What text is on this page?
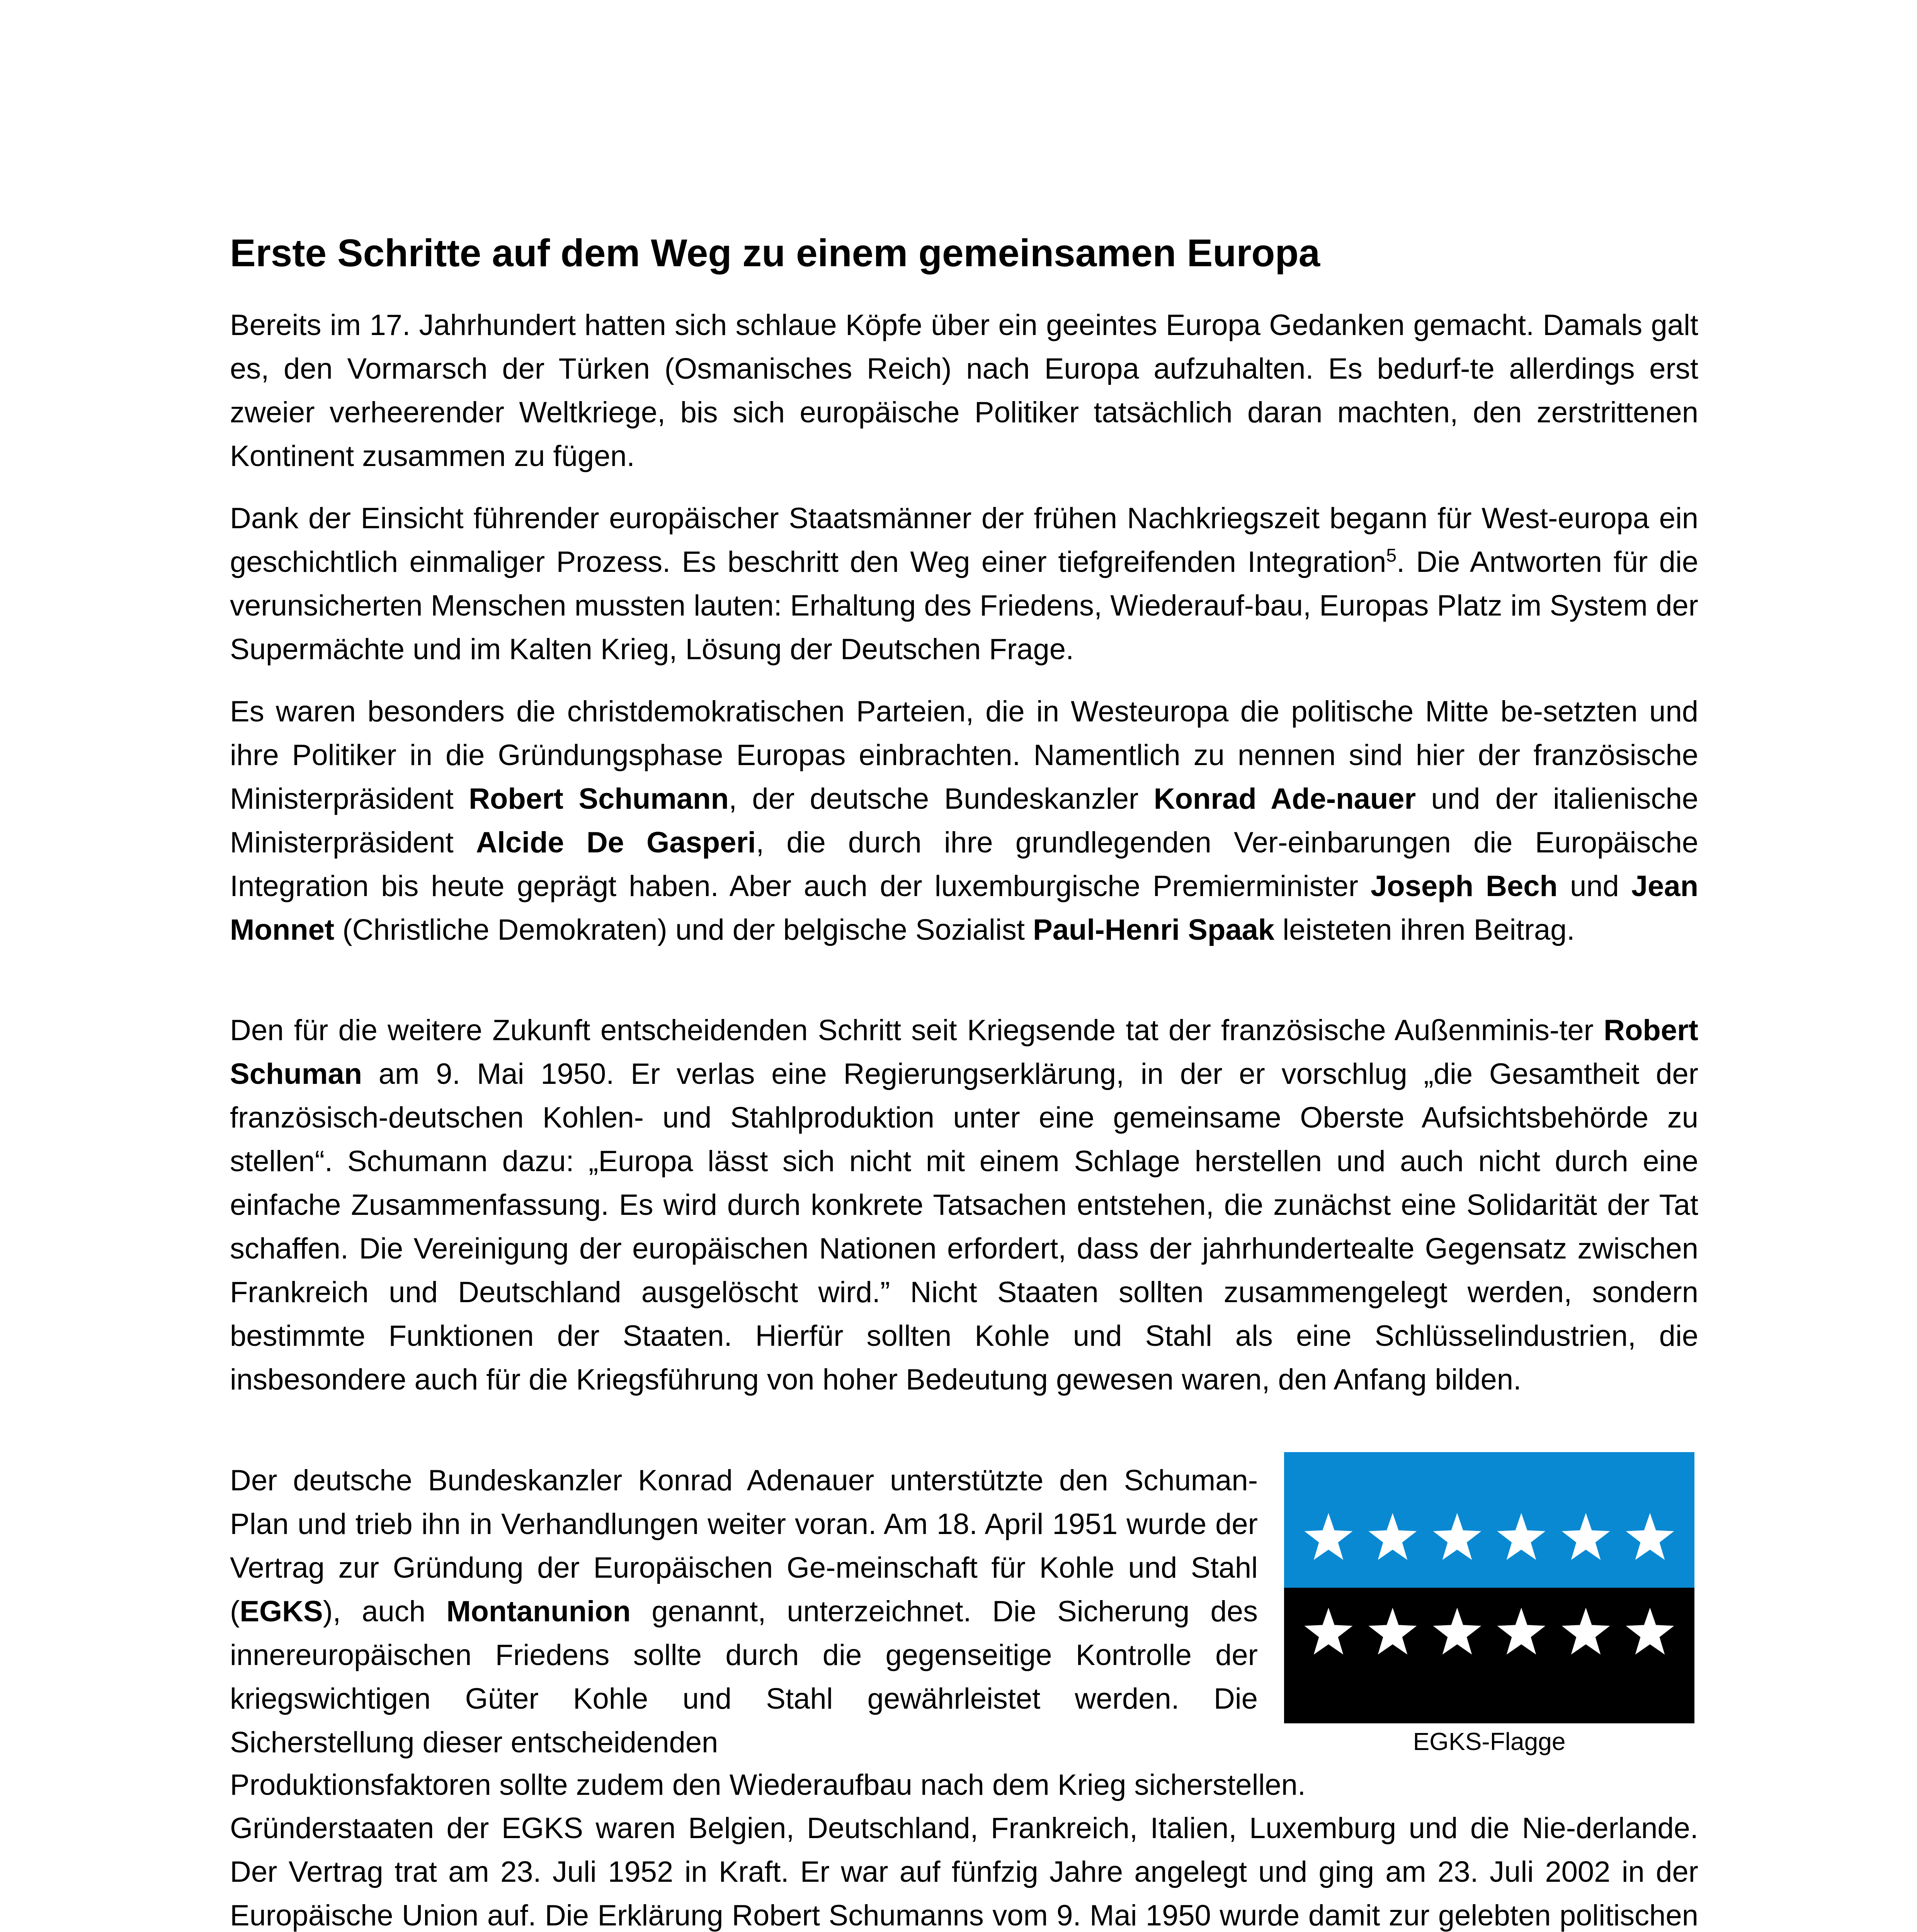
Erste Schritte auf dem Weg zu einem gemeinsamen Europa

Bereits im 17. Jahrhundert hatten sich schlaue Köpfe über ein geeintes Europa Gedanken gemacht. Damals galt es, den Vormarsch der Türken (Osmanisches Reich) nach Europa aufzuhalten. Es bedurf-te allerdings erst zweier verheerender Weltkriege, bis sich europäische Politiker tatsächlich daran machten, den zerstrittenen Kontinent zusammen zu fügen.

Dank der Einsicht führender europäischer Staatsmänner der frühen Nachkriegszeit begann für West-europa ein geschichtlich einmaliger Prozess. Es beschritt den Weg einer tiefgreifenden Integration$^5$. Die Antworten für die verunsicherten Menschen mussten lauten: Erhaltung des Friedens, Wiederauf-bau, Europas Platz im System der Supermächte und im Kalten Krieg, Lösung der Deutschen Frage.

Es waren besonders die christdemokratischen Parteien, die in Westeuropa die politische Mitte be-setzten und ihre Politiker in die Gründungsphase Europas einbrachten. Namentlich zu nennen sind hier der französische Ministerpräsident Robert Schumann, der deutsche Bundeskanzler Konrad Ade-nauer und der italienische Ministerpräsident Alcide De Gasperi, die durch ihre grundlegenden Ver-einbarungen die Europäische Integration bis heute geprägt haben. Aber auch der luxemburgische Premierminister Joseph Bech und Jean Monnet (Christliche Demokraten) und der belgische Sozialist Paul-Henri Spaak leisteten ihren Beitrag.

Den für die weitere Zukunft entscheidenden Schritt seit Kriegsende tat der französische Außenminis-ter Robert Schuman am 9. Mai 1950. Er verlas eine Regierungserklärung, in der er vorschlug „die Gesamtheit der französisch-deutschen Kohlen- und Stahlproduktion unter eine gemeinsame Oberste Aufsichtsbehörde zu stellen“. Schumann dazu: „Europa lässt sich nicht mit einem Schlage herstellen und auch nicht durch eine einfache Zusammenfassung. Es wird durch konkrete Tatsachen entstehen, die zunächst eine Solidarität der Tat schaffen. Die Vereinigung der europäischen Nationen erfordert, dass der jahrhundertealte Gegensatz zwischen Frankreich und Deutschland ausgelöscht wird.” Nicht Staaten sollten zusammengelegt werden, sondern bestimmte Funktionen der Staaten. Hierfür sollten Kohle und Stahl als eine Schlüsselindustrien, die insbesondere auch für die Kriegsführung von hoher Bedeutung gewesen waren, den Anfang bilden.

Der deutsche Bundeskanzler Konrad Adenauer unterstützte den Schuman-Plan und trieb ihn in Verhandlungen weiter voran. Am 18. April 1951 wurde der Vertrag zur Gründung der Europäischen Ge-meinschaft für Kohle und Stahl (EGKS), auch Montanunion genannt, unterzeichnet. Die Sicherung des innereuropäischen Friedens sollte durch die gegenseitige Kontrolle der kriegswichtigen Güter Kohle und Stahl gewährleistet werden. Die Sicherstellung dieser entscheidenden	EGKS-Flagge

Produktionsfaktoren sollte zudem den Wiederaufbau nach dem Krieg sicherstellen.

Gründerstaaten der EGKS waren Belgien, Deutschland, Frankreich, Italien, Luxemburg und die Nie-derlande. Der Vertrag trat am 23. Juli 1952 in Kraft. Er war auf fünfzig Jahre angelegt und ging am 23. Juli 2002 in der Europäische Union auf. Die Erklärung Robert Schumanns vom 9. Mai 1950 wurde damit zur gelebten politischen
